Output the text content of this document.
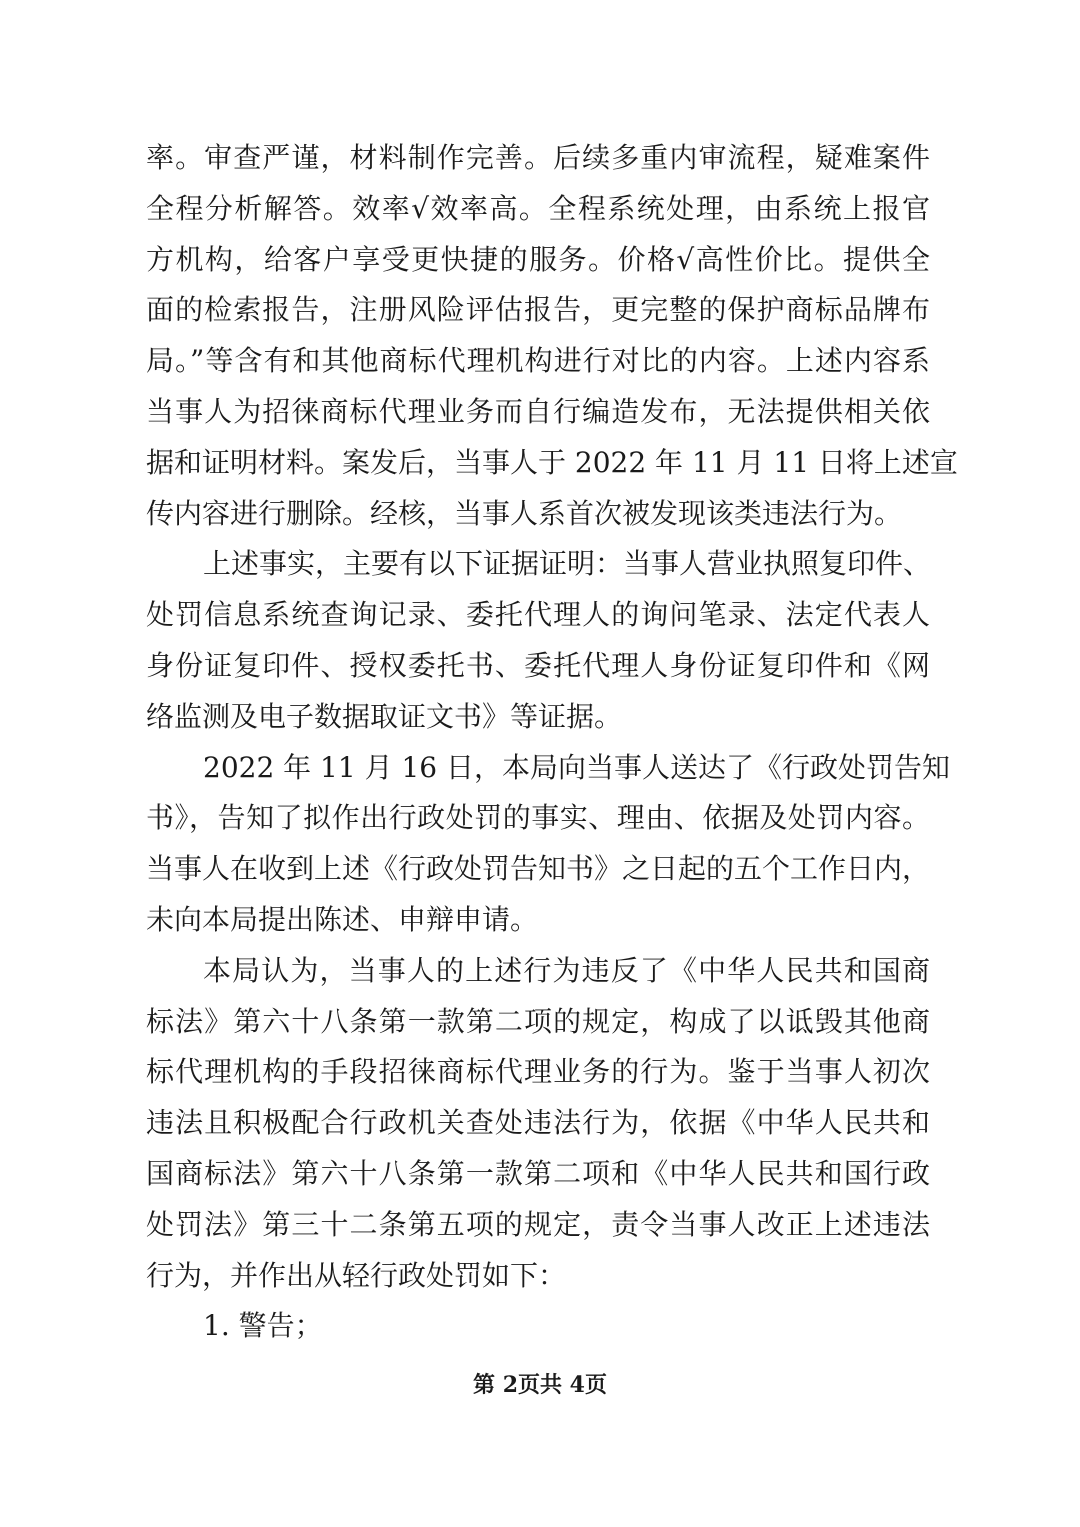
率。审查严谨，材料制作完善。后续多重内审流程，疑难案件
全程分析解答。效率√效率高。全程系统处理，由系统上报官
方机构，给客户享受更快捷的服务。价格√高性价比。提供全
面的检索报告，注册风险评估报告，更完整的保护商标品牌布
局。”等含有和其他商标代理机构进行对比的内容。上述内容系
当事人为招徕商标代理业务而自行编造发布，无法提供相关依
据和证明材料。案发后，当事人于 2022 年 11 月 11 日将上述宣
传内容进行删除。经核，当事人系首次被发现该类违法行为。
上述事实，主要有以下证据证明：当事人营业执照复印件、
处罚信息系统查询记录、委托代理人的询问笔录、法定代表人
身份证复印件、授权委托书、委托代理人身份证复印件和《网
络监测及电子数据取证文书》等证据。
2022 年 11 月 16 日，本局向当事人送达了《行政处罚告知
书》，告知了拟作出行政处罚的事实、理由、依据及处罚内容。
当事人在收到上述《行政处罚告知书》之日起的五个工作日内，
未向本局提出陈述、申辩申请。
本局认为，当事人的上述行为违反了《中华人民共和国商
标法》第六十八条第一款第二项的规定，构成了以诋毁其他商
标代理机构的手段招徕商标代理业务的行为。鉴于当事人初次
违法且积极配合行政机关查处违法行为，依据《中华人民共和
国商标法》第六十八条第一款第二项和《中华人民共和国行政
处罚法》第三十二条第五项的规定，责令当事人改正上述违法
行为，并作出从轻行政处罚如下：
1. 警告；
第 2页共 4页
